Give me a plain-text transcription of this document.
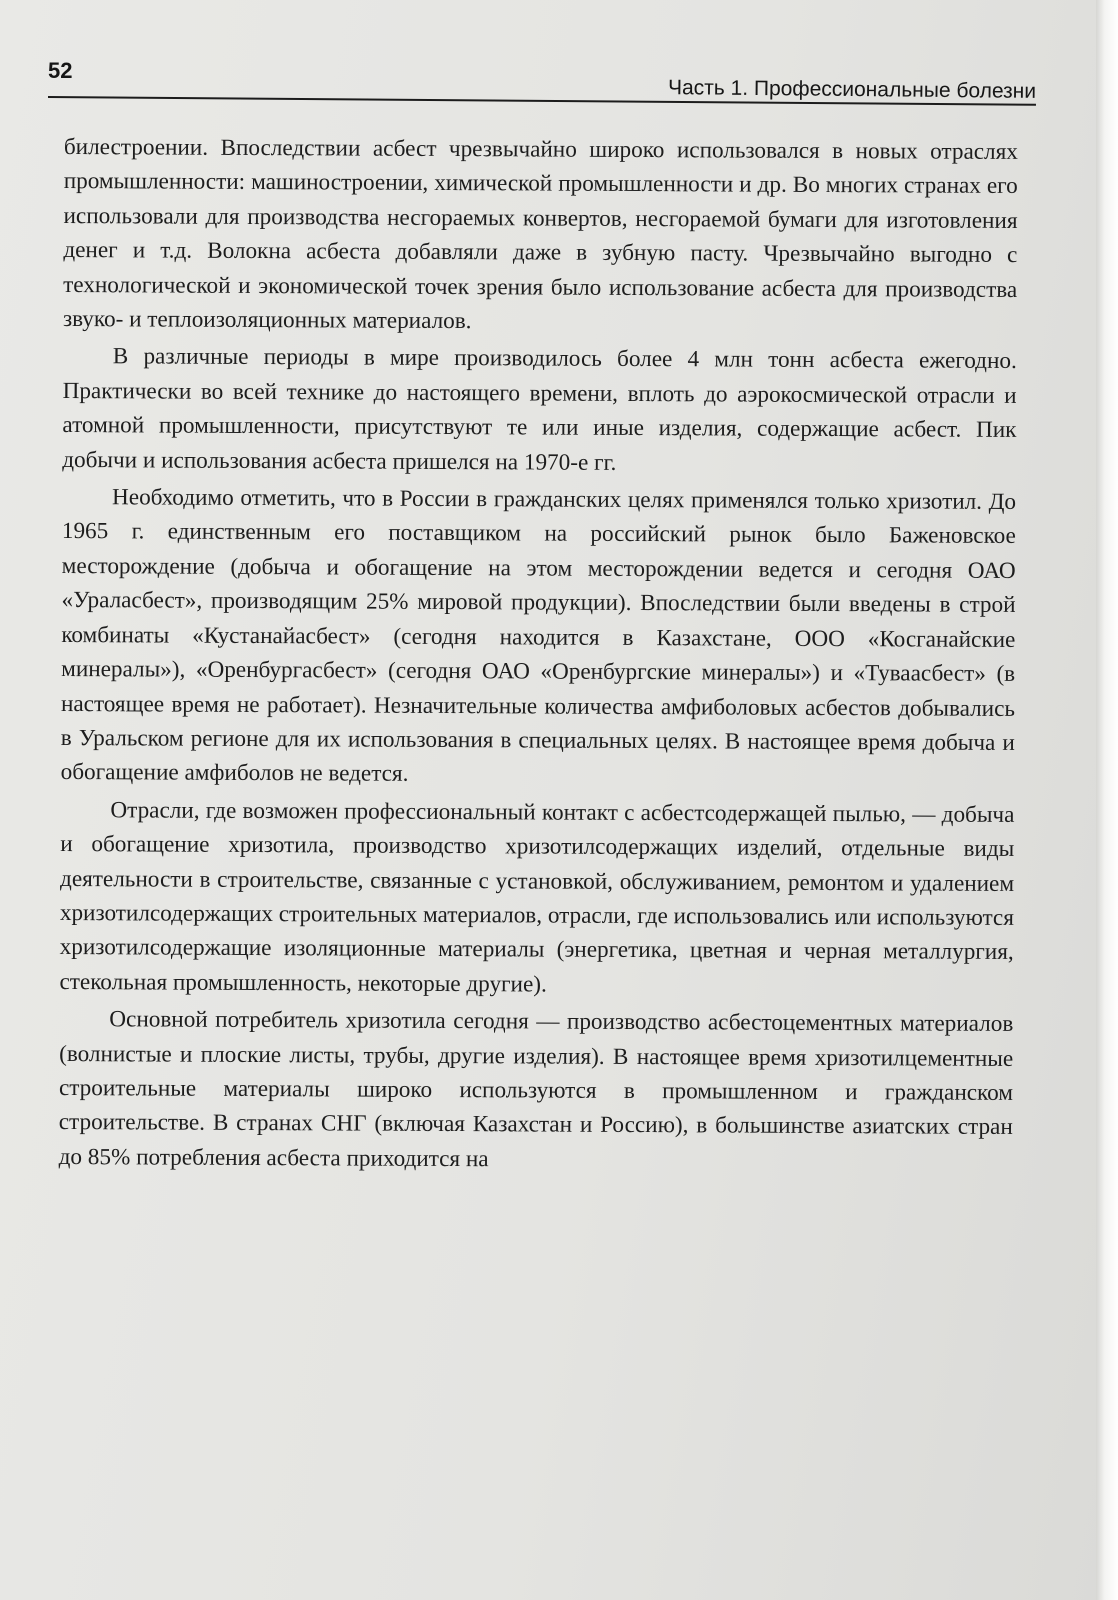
52
Часть 1. Профессиональные болезни

билестроении. Впоследствии асбест чрезвычайно широко использовался в новых отраслях промышленности: машиностроении, химической промышленности и др. Во многих странах его использовали для производства несгораемых конвертов, несгораемой бумаги для изготовления денег и т.д. Волокна асбеста добавляли даже в зубную пасту. Чрезвычайно выгодно с технологической и экономической точек зрения было использование асбеста для производства звуко- и теплоизоляционных материалов.

В различные периоды в мире производилось более 4 млн тонн асбеста ежегодно. Практически во всей технике до настоящего времени, вплоть до аэрокосмической отрасли и атомной промышленности, присутствуют те или иные изделия, содержащие асбест. Пик добычи и использования асбеста пришелся на 1970-е гг.

Необходимо отметить, что в России в гражданских целях применялся только хризотил. До 1965 г. единственным его поставщиком на российский рынок было Баженовское месторождение (добыча и обогащение на этом месторождении ведется и сегодня ОАО «Ураласбест», производящим 25% мировой продукции). Впоследствии были введены в строй комбинаты «Кустанайасбест» (сегодня находится в Казахстане, ООО «Косганайские минералы»), «Оренбургасбест» (сегодня ОАО «Оренбургские минералы») и «Туваасбест» (в настоящее время не работает). Незначительные количества амфиболовых асбестов добывались в Уральском регионе для их использования в специальных целях. В настоящее время добыча и обогащение амфиболов не ведется.

Отрасли, где возможен профессиональный контакт с асбестсодержащей пылью, — добыча и обогащение хризотила, производство хризотилсодержащих изделий, отдельные виды деятельности в строительстве, связанные с установкой, обслуживанием, ремонтом и удалением хризотилсодержащих строительных материалов, отрасли, где использовались или используются хризотилсодержащие изоляционные материалы (энергетика, цветная и черная металлургия, стекольная промышленность, некоторые другие).

Основной потребитель хризотила сегодня — производство асбестоцементных материалов (волнистые и плоские листы, трубы, другие изделия). В настоящее время хризотилцементные строительные материалы широко используются в промышленном и гражданском строительстве. В странах СНГ (включая Казахстан и Россию), в большинстве азиатских стран до 85% потребления асбеста приходится на
